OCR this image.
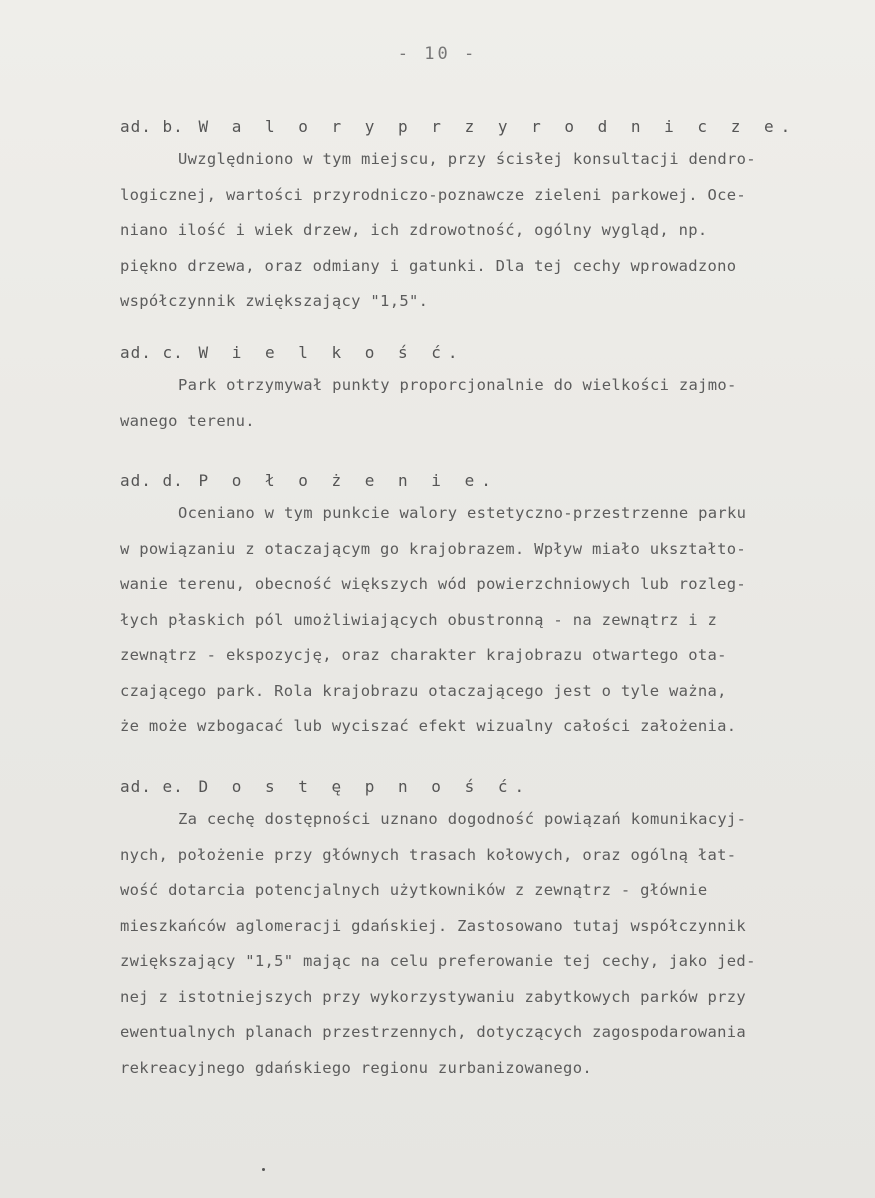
- 10 -
ad. b. W a l o r y p r z y r o d n i c z e.
Uwzględniono w tym miejscu, przy ścisłej konsultacji dendro-
logicznej, wartości przyrodniczo-poznawcze zieleni parkowej. Oce-
niano ilość i wiek drzew, ich zdrowotność, ogólny wygląd, np.
piękno drzewa, oraz odmiany i gatunki. Dla tej cechy wprowadzono
współczynnik zwiększający "1,5".
ad. c. W i e l k o ś ć.
Park otrzymywał punkty proporcjonalnie do wielkości zajmo-
wanego terenu.
ad. d. P o ł o ż e n i e.
Oceniano w tym punkcie walory estetyczno-przestrzenne parku
w powiązaniu z otaczającym go krajobrazem. Wpływ miało ukształto-
wanie terenu, obecność większych wód powierzchniowych lub rozleg-
łych płaskich pól umożliwiających obustronną - na zewnątrz i z
zewnątrz - ekspozycję, oraz charakter krajobrazu otwartego ota-
czającego park. Rola krajobrazu otaczającego jest o tyle ważna,
że może wzbogacać lub wyciszać efekt wizualny całości założenia.
ad. e. D o s t ę p n o ś ć.
Za cechę dostępności uznano dogodność powiązań komunikacyj-
nych, położenie przy głównych trasach kołowych, oraz ogólną łat-
wość dotarcia potencjalnych użytkowników z zewnątrz - głównie
mieszkańców aglomeracji gdańskiej. Zastosowano tutaj współczynnik
zwiększający "1,5" mając na celu preferowanie tej cechy, jako jed-
nej z istotniejszych przy wykorzystywaniu zabytkowych parków przy
ewentualnych planach przestrzennych, dotyczących zagospodarowania
rekreacyjnego gdańskiego regionu zurbanizowanego.
